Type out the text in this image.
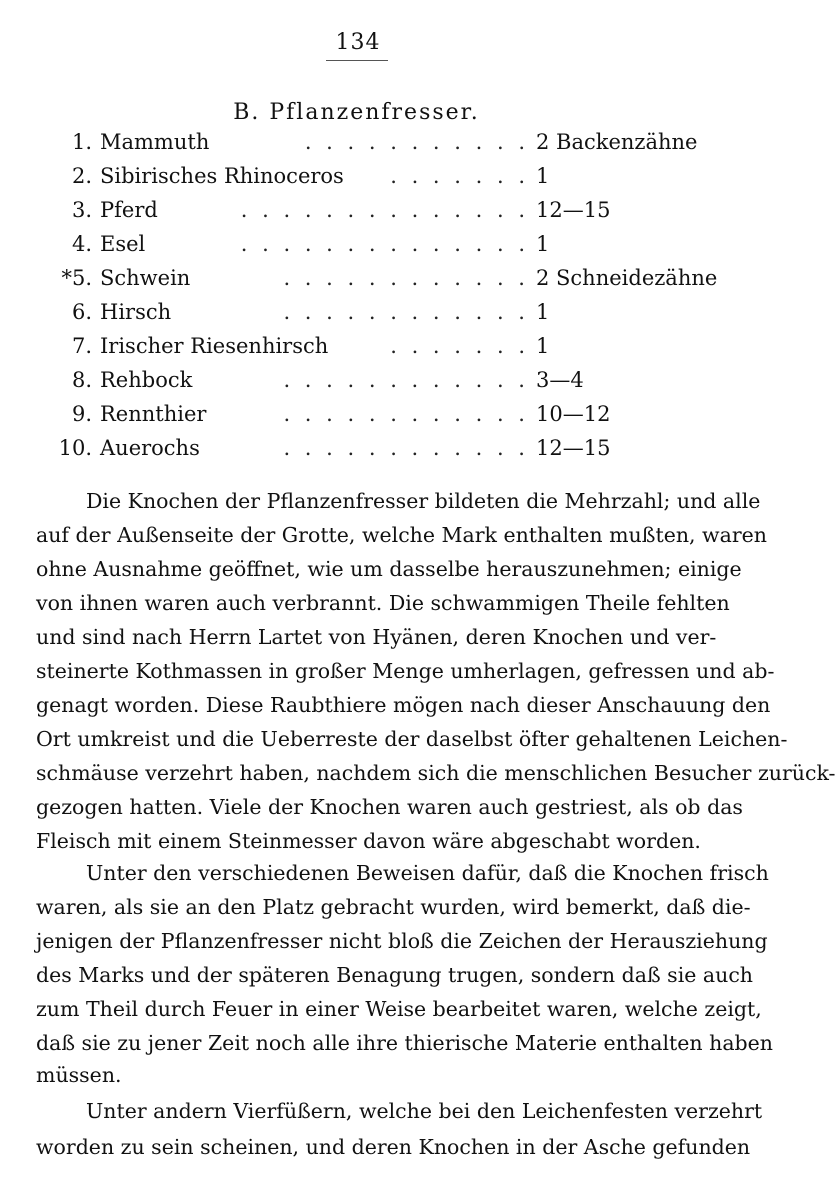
134
B. Pflanzenfresser.
1. Mammuth	. . . . . . . . . . . 2 Backenzähne
2. Sibirisches Rhinoceros . . . . . . . 1
3. Pferd	. . . . . . . . . . . . . . 12—15
4. Esel	. . . . . . . . . . . . . . 1
*5. Schwein	. . . . . . . . . . . . 2 Schneidezähne
6. Hirsch	. . . . . . . . . . . . 1
7. Irischer Riesenhirsch	. . . . . . . 1
8. Rehbock	. . . . . . . . . . . . 3—4
9. Rennthier	. . . . . . . . . . . . 10—12
10. Auerochs	. . . . . . . . . . . . 12—15
Die Knochen der Pflanzenfresser bildeten die Mehrzahl; und alle
auf der Außenseite der Grotte, welche Mark enthalten mußten, waren
ohne Ausnahme geöffnet, wie um dasselbe herauszunehmen; einige
von ihnen waren auch verbrannt. Die schwammigen Theile fehlten
und sind nach Herrn Lartet von Hyänen, deren Knochen und ver-
steinerte Kothmassen in großer Menge umherlagen, gefressen und ab-
genagt worden. Diese Raubthiere mögen nach dieser Anschauung den
Ort umkreist und die Ueberreste der daselbst öfter gehaltenen Leichen-
schmäuse verzehrt haben, nachdem sich die menschlichen Besucher zurück-
gezogen hatten. Viele der Knochen waren auch gestriest, als ob das
Fleisch mit einem Steinmesser davon wäre abgeschabt worden.
Unter den verschiedenen Beweisen dafür, daß die Knochen frisch
waren, als sie an den Platz gebracht wurden, wird bemerkt, daß die-
jenigen der Pflanzenfresser nicht bloß die Zeichen der Herausziehung
des Marks und der späteren Benagung trugen, sondern daß sie auch
zum Theil durch Feuer in einer Weise bearbeitet waren, welche zeigt,
daß sie zu jener Zeit noch alle ihre thierische Materie enthalten haben
müssen.
Unter andern Vierfüßern, welche bei den Leichenfesten verzehrt
worden zu sein scheinen, und deren Knochen in der Asche gefunden
